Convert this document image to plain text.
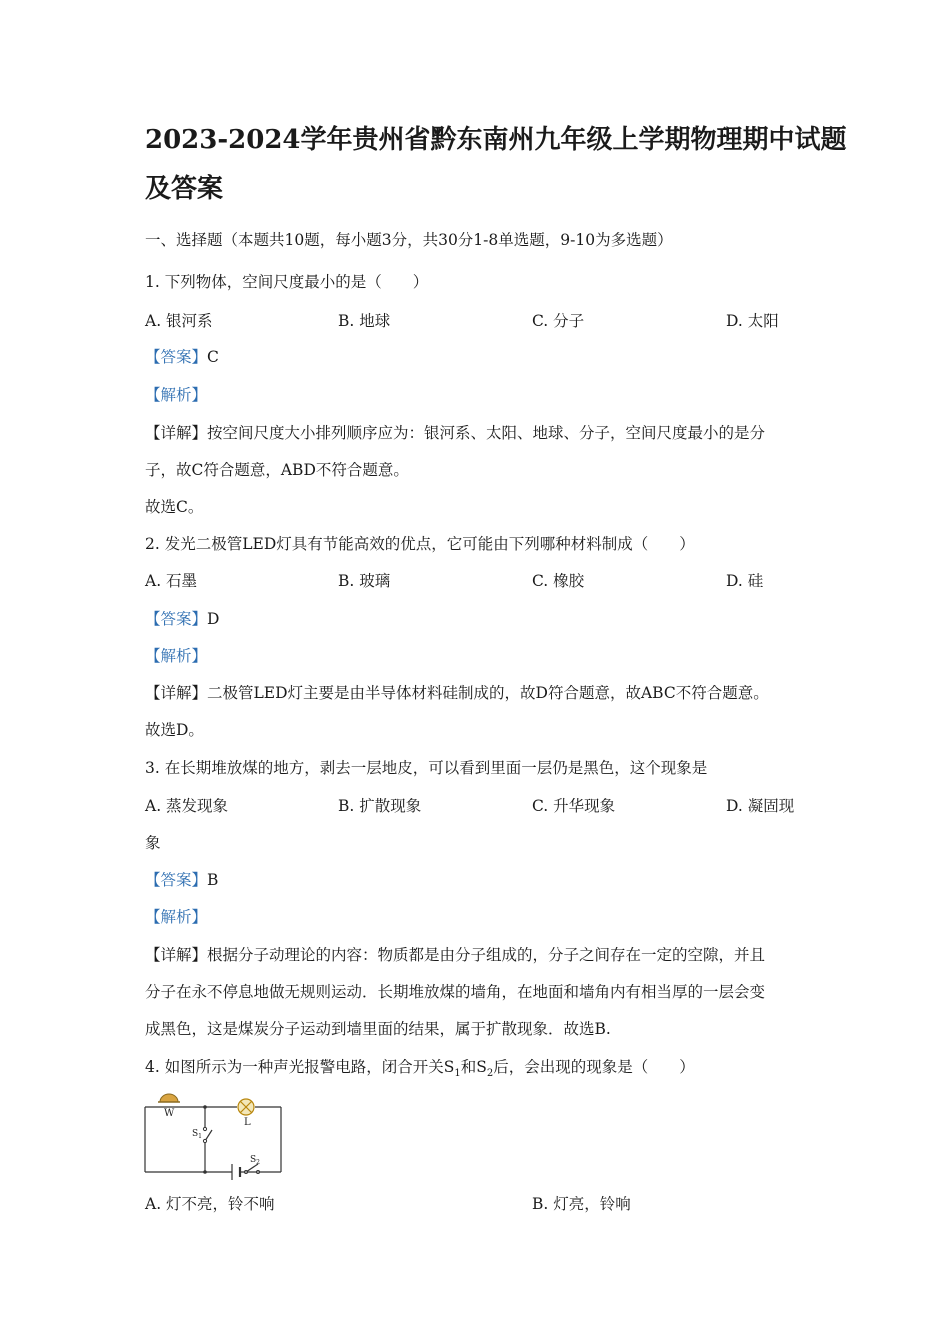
2023-2024学年贵州省黔东南州九年级上学期物理期中试题
及答案
一、选择题（本题共10题，每小题3分，共30分1-8单选题，9-10为多选题）
1. 下列物体，空间尺度最小的是（　　）
A. 银河系	B. 地球	C. 分子	D. 太阳
【答案】C
【解析】
【详解】按空间尺度大小排列顺序应为：银河系、太阳、地球、分子，空间尺度最小的是分
子，故C符合题意，ABD不符合题意。
故选C。
2. 发光二极管LED灯具有节能高效的优点，它可能由下列哪种材料制成（　　）
A. 石墨	B. 玻璃	C. 橡胶	D. 硅
【答案】D
【解析】
【详解】二极管LED灯主要是由半导体材料硅制成的，故D符合题意，故ABC不符合题意。
故选D。
3. 在长期堆放煤的地方，剥去一层地皮，可以看到里面一层仍是黑色，这个现象是
A. 蒸发现象	B. 扩散现象	C. 升华现象	D. 凝固现
象
【答案】B
【解析】
【详解】根据分子动理论的内容：物质都是由分子组成的，分子之间存在一定的空隙，并且
分子在永不停息地做无规则运动．长期堆放煤的墙角，在地面和墙角内有相当厚的一层会变
成黑色，这是煤炭分子运动到墙里面的结果，属于扩散现象．故选B.
4. 如图所示为一种声光报警电路，闭合开关$S_1$和$S_2$后，会出现的现象是（　　）
W
L
$S_1$
$S_2$
A. 灯不亮，铃不响	B. 灯亮，铃响
